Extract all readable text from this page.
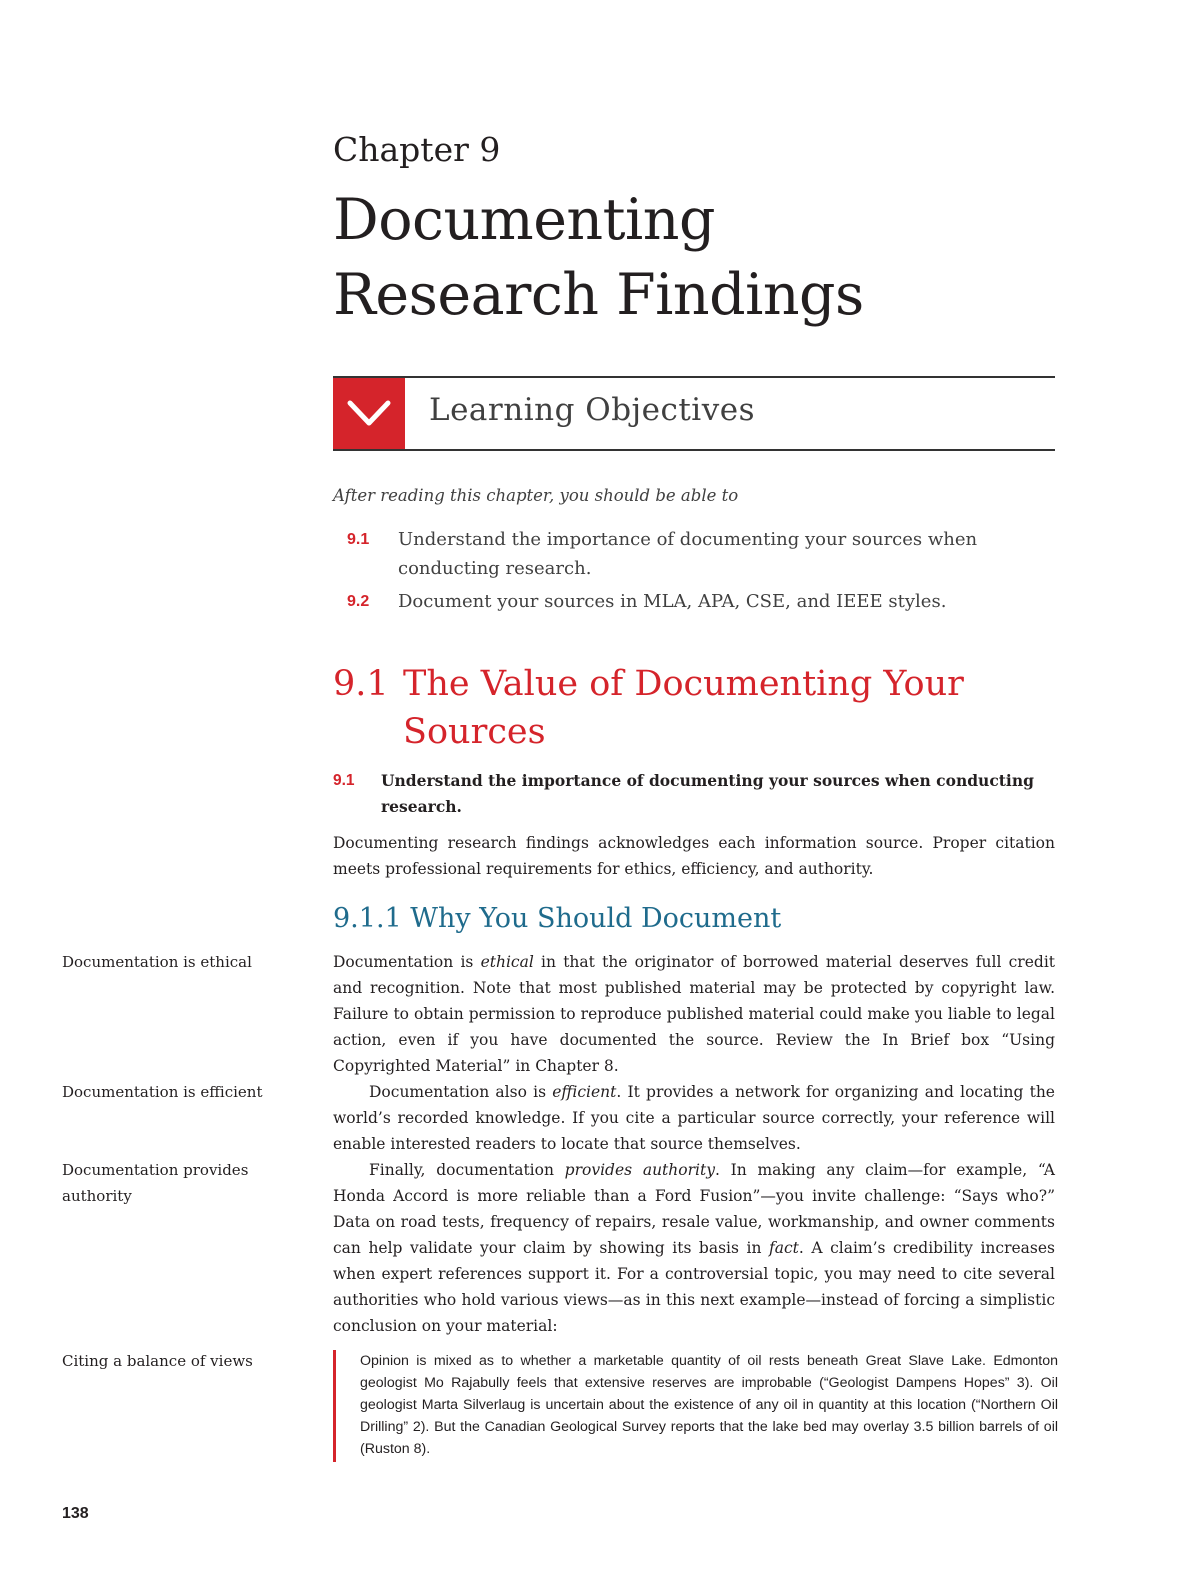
Chapter 9
Documenting
Research Findings
Learning Objectives
After reading this chapter, you should be able to
9.1 Understand the importance of documenting your sources when conducting research.
9.2 Document your sources in MLA, APA, CSE, and IEEE styles.
9.1 The Value of Documenting Your Sources
9.1 Understand the importance of documenting your sources when conducting research.

Documenting research findings acknowledges each information source. Proper citation meets professional requirements for ethics, efficiency, and authority.

9.1.1 Why You Should Document
Documentation is ethical	Documentation is ethical in that the originator of borrowed material deserves full credit and recognition. Note that most published material may be protected by copyright law. Failure to obtain permission to reproduce published material could make you liable to legal action, even if you have documented the source. Review the In Brief box “Using Copyrighted Material” in Chapter 8.

Documentation is efficient	Documentation also is efficient. It provides a network for organizing and locating the world’s recorded knowledge. If you cite a particular source correctly, your reference will enable interested readers to locate that source themselves.

Documentation provides authority

Finally, documentation provides authority. In making any claim—for example, “A Honda Accord is more reliable than a Ford Fusion”—you invite challenge: “Says who?” Data on road tests, frequency of repairs, resale value, workmanship, and owner comments can help validate your claim by showing its basis in fact. A claim’s credibility increases when expert references support it. For a controversial topic, you may need to cite several authorities who hold various views—as in this next example—instead of forcing a simplistic conclusion on your material:

Citing a balance of views	Opinion is mixed as to whether a marketable quantity of oil rests beneath Great Slave Lake. Edmonton geologist Mo Rajabully feels that extensive reserves are improbable (“Geologist Dampens Hopes” 3). Oil geologist Marta Silverlaug is uncertain about the existence of any oil in quantity at this location (“Northern Oil Drilling” 2). But the Canadian Geological Survey reports that the lake bed may overlay 3.5 billion barrels of oil (Ruston 8).

138
